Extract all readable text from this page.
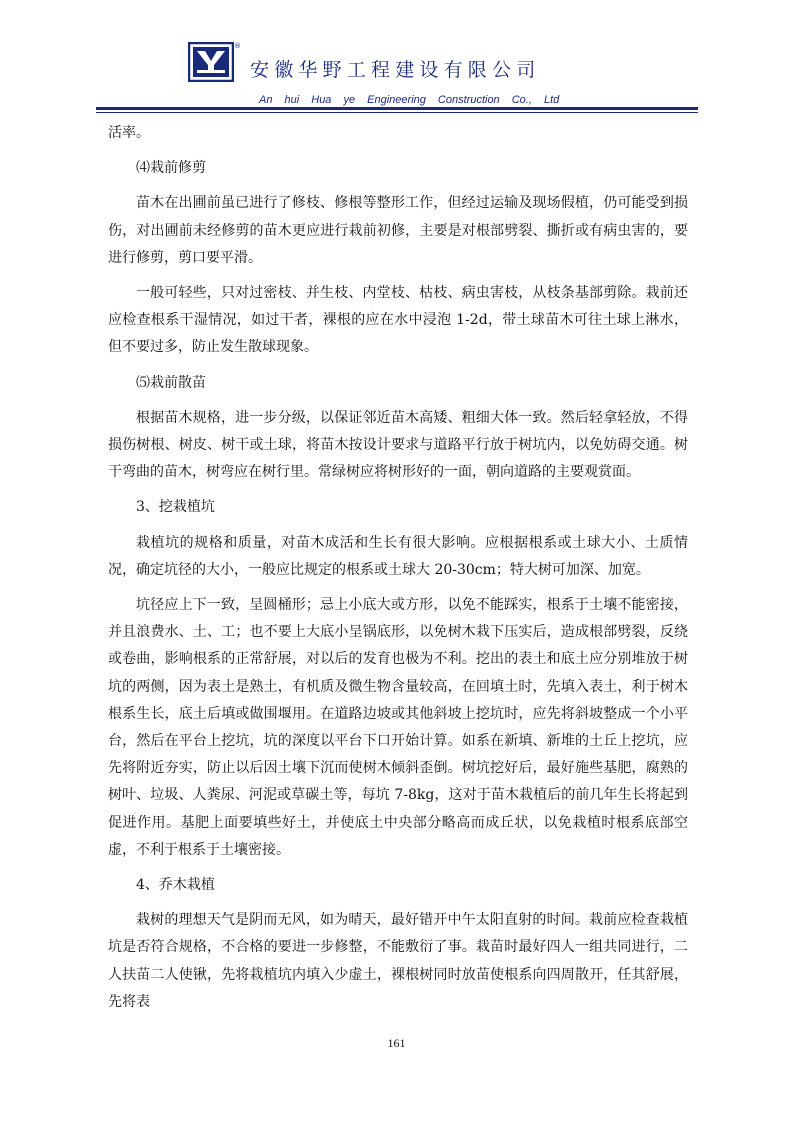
®
安徽华野工程建设有限公司
An hui Hua ye Engineering Construction Co., Ltd

活率。

⑷栽前修剪

苗木在出圃前虽已进行了修枝、修根等整形工作，但经过运输及现场假植，仍可能受到损伤，对出圃前未经修剪的苗木更应进行栽前初修，主要是对根部劈裂、撕折或有病虫害的，要进行修剪，剪口要平滑。

一般可轻些，只对过密枝、并生枝、内堂枝、枯枝、病虫害枝，从枝条基部剪除。栽前还应检查根系干湿情况，如过干者，裸根的应在水中浸泡 1-2d，带土球苗木可往土球上淋水，但不要过多，防止发生散球现象。

⑸栽前散苗

根据苗木规格，进一步分级，以保证邻近苗木高矮、粗细大体一致。然后轻拿轻放，不得损伤树根、树皮、树干或土球，将苗木按设计要求与道路平行放于树坑内，以免妨碍交通。树干弯曲的苗木，树弯应在树行里。常绿树应将树形好的一面，朝向道路的主要观赏面。

3、挖栽植坑

栽植坑的规格和质量，对苗木成活和生长有很大影响。应根据根系或土球大小、土质情况，确定坑径的大小，一般应比规定的根系或土球大 20-30cm；特大树可加深、加宽。

坑径应上下一致，呈圆桶形；忌上小底大或方形，以免不能踩实，根系于土壤不能密接，并且浪费水、土、工；也不要上大底小呈锅底形，以免树木栽下压实后，造成根部劈裂，反绕或卷曲，影响根系的正常舒展，对以后的发育也极为不利。挖出的表土和底土应分别堆放于树坑的两侧，因为表土是熟土，有机质及微生物含量较高，在回填土时，先填入表土，利于树木根系生长，底土后填或做围堰用。在道路边坡或其他斜坡上挖坑时，应先将斜坡整成一个小平台，然后在平台上挖坑，坑的深度以平台下口开始计算。如系在新填、新堆的土丘上挖坑，应先将附近夯实，防止以后因土壤下沉而使树木倾斜歪倒。树坑挖好后，最好施些基肥，腐熟的树叶、垃圾、人粪尿、河泥或草碳土等，每坑 7-8kg，这对于苗木栽植后的前几年生长将起到促进作用。基肥上面要填些好土，并使底土中央部分略高而成丘状，以免栽植时根系底部空虚，不利于根系于土壤密接。

4、乔木栽植

栽树的理想天气是阴而无风，如为晴天，最好错开中午太阳直射的时间。栽前应检查栽植坑是否符合规格，不合格的要进一步修整，不能敷衍了事。栽苗时最好四人一组共同进行，二人扶苗二人使锹，先将栽植坑内填入少虚土，裸根树同时放苗使根系向四周散开，任其舒展，先将表

161
